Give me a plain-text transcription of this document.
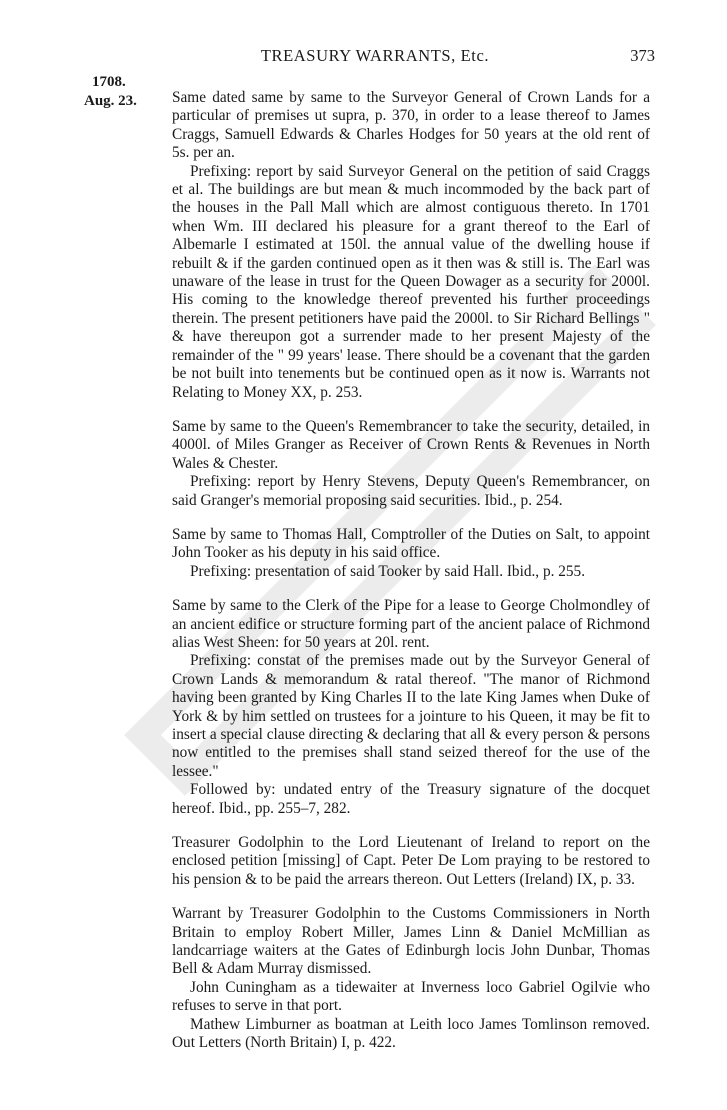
TREASURY WARRANTS, Etc.	373
1708.
Aug. 23.	Same dated same by same to the Surveyor General of Crown Lands for a particular of premises ut supra, p. 370, in order to a lease thereof to James Craggs, Samuell Edwards & Charles Hodges for 50 years at the old rent of 5s. per an.

Prefixing: report by said Surveyor General on the petition of said Craggs et al. The buildings are but mean & much incommoded by the back part of the houses in the Pall Mall which are almost contiguous thereto. In 1701 when Wm. III declared his pleasure for a grant thereof to the Earl of Albemarle I estimated at 150l. the annual value of the dwelling house if rebuilt & if the garden continued open as it then was & still is. The Earl was unaware of the lease in trust for the Queen Dowager as a security for 2000l. His coming to the knowledge thereof prevented his further proceedings therein. The present petitioners have paid the 2000l. to Sir Richard Bellings " & have thereupon got a surrender made to her present Majesty of the remainder of the " 99 years' lease. There should be a covenant that the garden be not built into tenements but be continued open as it now is. Warrants not Relating to Money XX, p. 253.

Same by same to the Queen's Remembrancer to take the security, detailed, in 4000l. of Miles Granger as Receiver of Crown Rents & Revenues in North Wales & Chester.

Prefixing: report by Henry Stevens, Deputy Queen's Remembrancer, on said Granger's memorial proposing said securities. Ibid., p. 254.

Same by same to Thomas Hall, Comptroller of the Duties on Salt, to appoint John Tooker as his deputy in his said office.

Prefixing: presentation of said Tooker by said Hall. Ibid., p. 255.

Same by same to the Clerk of the Pipe for a lease to George Cholmondley of an ancient edifice or structure forming part of the ancient palace of Richmond alias West Sheen: for 50 years at 20l. rent.

Prefixing: constat of the premises made out by the Surveyor General of Crown Lands & memorandum & ratal thereof. "The manor of Richmond having been granted by King Charles II to the late King James when Duke of York & by him settled on trustees for a jointure to his Queen, it may be fit to insert a special clause directing & declaring that all & every person & persons now entitled to the premises shall stand seized thereof for the use of the lessee."

Followed by: undated entry of the Treasury signature of the docquet hereof. Ibid., pp. 255–7, 282.

Treasurer Godolphin to the Lord Lieutenant of Ireland to report on the enclosed petition [missing] of Capt. Peter De Lom praying to be restored to his pension & to be paid the arrears thereon. Out Letters (Ireland) IX, p. 33.

Warrant by Treasurer Godolphin to the Customs Commissioners in North Britain to employ Robert Miller, James Linn & Daniel McMillian as landcarriage waiters at the Gates of Edinburgh locis John Dunbar, Thomas Bell & Adam Murray dismissed.

John Cuningham as a tidewaiter at Inverness loco Gabriel Ogilvie who refuses to serve in that port.

Mathew Limburner as boatman at Leith loco James Tomlinson removed. Out Letters (North Britain) I, p. 422.
